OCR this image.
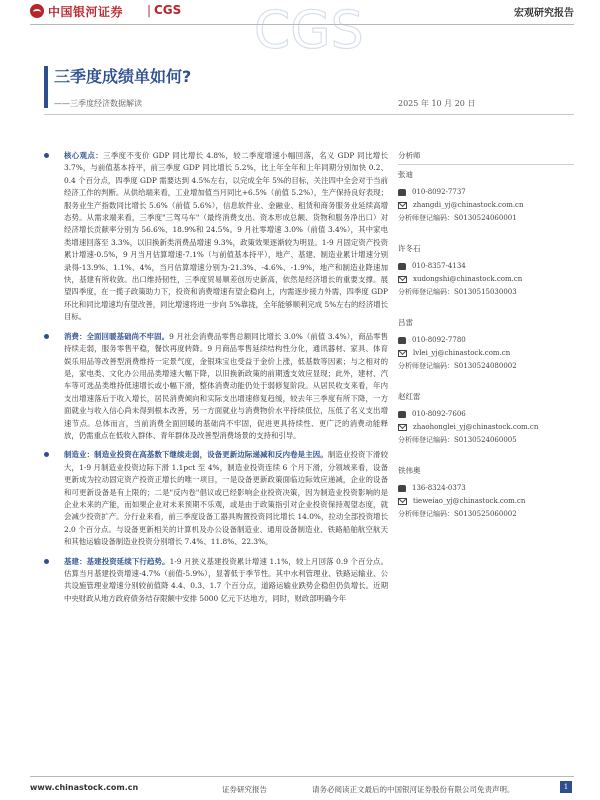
中国银河证券 | CGS	宏观研究报告
CGS
三季度成绩单如何?
——三季度经济数据解读	2025 年 10 月 20 日
核心观点：三季度不变价 GDP 同比增长 4.8%，较二季度增速小幅回落，名义 GDP 同比增长 3.7%，与前值基本持平，前三季度 GDP 同比增长 5.2%，比上年全年和上年同期分别加快 0.2、0.4 个百分点，四季度 GDP 需要达到 4.5%左右，以完成全年 5%的目标，关注四中全会对于当前经济工作的判断。从供给端来看，工业增加值当月同比+6.5%（前值 5.2%），生产保持良好表现；服务业生产指数同比增长 5.6%（前值 5.6%），信息软件业、金融业、租赁和商务服务业延续高增态势。从需求端来看，三季度"三驾马车"（最终消费支出、资本形成总额、货物和服务净出口）对经济增长贡献率分别为 56.6%、18.9%和 24.5%。9 月社零增速 3.0%（前值 3.4%），其中家电类增速回落至 3.3%，以旧换新类消费品增速 9.3%，政策效果逐渐较为明显。1-9 月固定资产投资累计增速-0.5%，9 月当月估算增速-7.1%（与前值基本持平），地产、基建、制造业累计增速分别录得-13.9%、1.1%、4%，当月估算增速分别为-21.3%、-4.6%、-1.9%，地产和制造业降速加快，基建有所收敛。出口维持韧性，三季度贸易顺差创历史新高，依然是经济增长的重要支撑。展望四季度，在一揽子政策助力下，投资和消费增速有望企稳向上，内需逐步接力外需，四季度 GDP 环比和同比增速均有望改善，同比增速将进一步向 5%靠拢，全年能够顺利完成 5%左右的经济增长目标。
消费：全面回暖基础尚不牢固。9 月社会消费品零售总额同比增长 3.0%（前值 3.4%），商品零售持续走弱，服务零售平稳，餐饮再度转降。9 月商品零售延续结构性分化，通讯器材、家具、体育娱乐用品等改善型消费维持一定景气度，金银珠宝也受益于金价上涨，低基数等因素；与之相对的是，家电类、文化办公用品类增速大幅下降，以旧换新政策的前期透支效应显现；此外，建材、汽车等可选品类维持低速增长或小幅下滑，整体消费动能仍处于弱修复阶段。从居民收支来看，年内支出增速落后于收入增长，居民消费倾向和实际支出增速修复趋缓，较去年三季度有所下降，一方面就业与收入信心尚未得到根本改善，另一方面就业与消费物价水平持续低位，压低了名义支出增速节点。总体而言，当前消费全面回暖的基础尚不牢固，促进更具持续性、更广泛的消费动能释放，仍需重点在低收入群体、青年群体及改善型消费场景的支持和引导。
制造业：制造业投资在高基数下继续走弱，设备更新边际递减和反内卷是主因。制造业投资下滑较大，1-9 月制造业投资边际下滑 1.1pct 至 4%，制造业投资连续 6 个月下滑，分领域来看，设备更新成为拉动固定资产投资正增长的唯一项目，一是设备更新政策面临边际效应递减，企业的设备和可更新设备是有上限的；二是"反内卷"倡议或已经影响企业投资决策，因为制造业投资影响的是企业未来的产能，而如果企业对未来预期不乐观，或是由于政策指引对企业投资保持观望态度，就会减少投资扩产。分行业来看，前三季度设备工器具购置投资同比增长 14.0%，拉动全部投资增长 2.0 个百分点。与设备更新相关的计算机及办公设备制造业、通用设备制造业、铁路船舶航空航天和其他运输设备制造业投资分别增长 7.4%、11.8%、22.3%。
基建：基建投资延续下行趋势。1-9 月狭义基建投资累计增速 1.1%，较上月回落 0.9 个百分点。估算当月基建投资增速-4.7%（前值-5.9%），显著低于季节性。其中水利管理业、铁路运输业、公共设施管理业增速分别较前值降 4.4、0.3、1.7 个百分点，道路运输业跌势企稳但仍负增长。近期中央财政从地方政府债务结存限额中安排 5000 亿元下达地方，同时，财政部明确今年
分析师
张迪
010-8092-7737
zhangdi_yj@chinastock.com.cn
分析师登记编码：S0130524060001
许冬石
010-8357-4134
xudongshi@chinastock.com.cn
分析师登记编码：S0130515030003
吕雷
010-8092-7780
lvlei_yj@chinastock.com.cn
分析师登记编码：S0130524080002
赵红雷
010-8092-7606
zhaohonglei_yj@chinastock.com.cn
分析师登记编码：S0130524060005
铁伟奥
136-8324-0373
tieweiao_yj@chinastock.com.cn
分析师登记编码：S0130525060002
www.chinastock.com.cn	证券研究报告	请务必阅读正文最后的中国银河证券股份有限公司免责声明。	1
